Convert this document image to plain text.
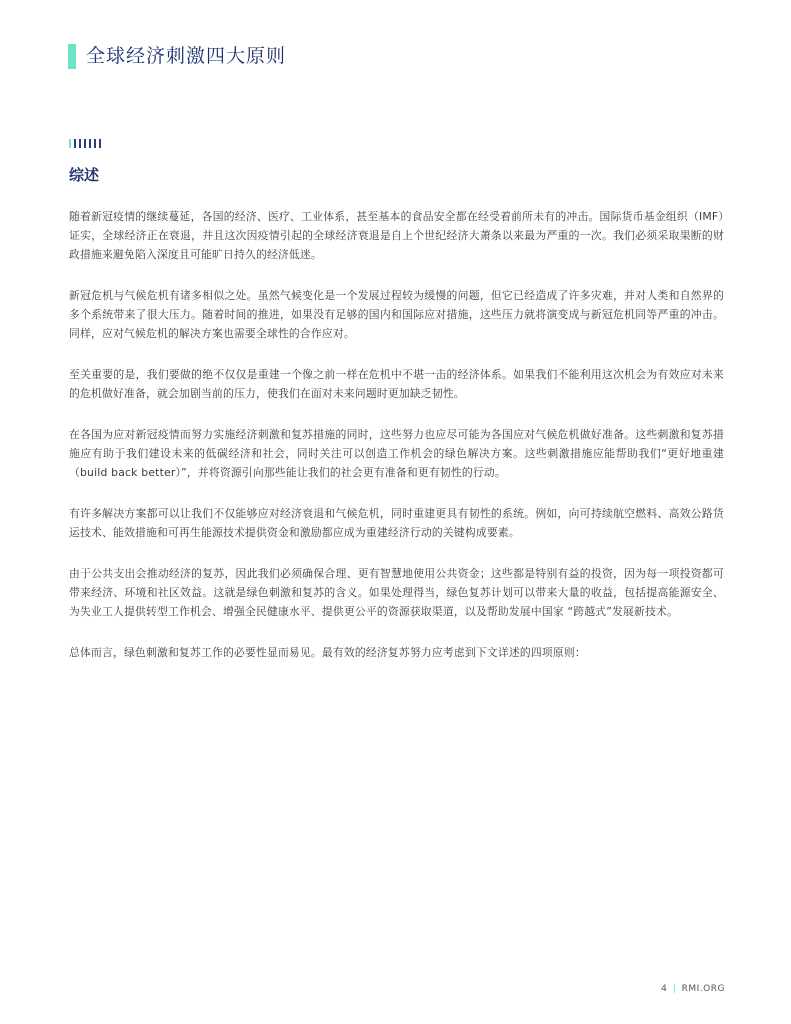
全球经济刺激四大原则
综述

随着新冠疫情的继续蔓延，各国的经济、医疗、工业体系，甚至基本的食品安全都在经受着前所未有的冲击。国际货币基金组织（IMF）证实，全球经济正在衰退，并且这次因疫情引起的全球经济衰退是自上个世纪经济大萧条以来最为严重的一次。我们必须采取果断的财政措施来避免陷入深度且可能旷日持久的经济低迷。

新冠危机与气候危机有诸多相似之处。虽然气候变化是一个发展过程较为缓慢的问题，但它已经造成了许多灾难，并对人类和自然界的多个系统带来了很大压力。随着时间的推进，如果没有足够的国内和国际应对措施，这些压力就将演变成与新冠危机同等严重的冲击。同样，应对气候危机的解决方案也需要全球性的合作应对。

至关重要的是，我们要做的绝不仅仅是重建一个像之前一样在危机中不堪一击的经济体系。如果我们不能利用这次机会为有效应对未来的危机做好准备，就会加剧当前的压力，使我们在面对未来问题时更加缺乏韧性。

在各国为应对新冠疫情而努力实施经济刺激和复苏措施的同时，这些努力也应尽可能为各国应对气候危机做好准备。这些刺激和复苏措施应有助于我们建设未来的低碳经济和社会，同时关注可以创造工作机会的绿色解决方案。这些刺激措施应能帮助我们“更好地重建（build back better）”，并将资源引向那些能让我们的社会更有准备和更有韧性的行动。

有许多解决方案都可以让我们不仅能够应对经济衰退和气候危机，同时重建更具有韧性的系统。例如，向可持续航空燃料、高效公路货运技术、能效措施和可再生能源技术提供资金和激励都应成为重建经济行动的关键构成要素。

由于公共支出会推动经济的复苏，因此我们必须确保合理、更有智慧地使用公共资金；这些都是特别有益的投资，因为每一项投资都可带来经济、环境和社区效益。这就是绿色刺激和复苏的含义。如果处理得当，绿色复苏计划可以带来大量的收益，包括提高能源安全、为失业工人提供转型工作机会、增强全民健康水平、提供更公平的资源获取渠道，以及帮助发展中国家 “跨越式”发展新技术。

总体而言，绿色刺激和复苏工作的必要性显而易见。最有效的经济复苏努力应考虑到下文详述的四项原则：

4 | RMI.ORG
